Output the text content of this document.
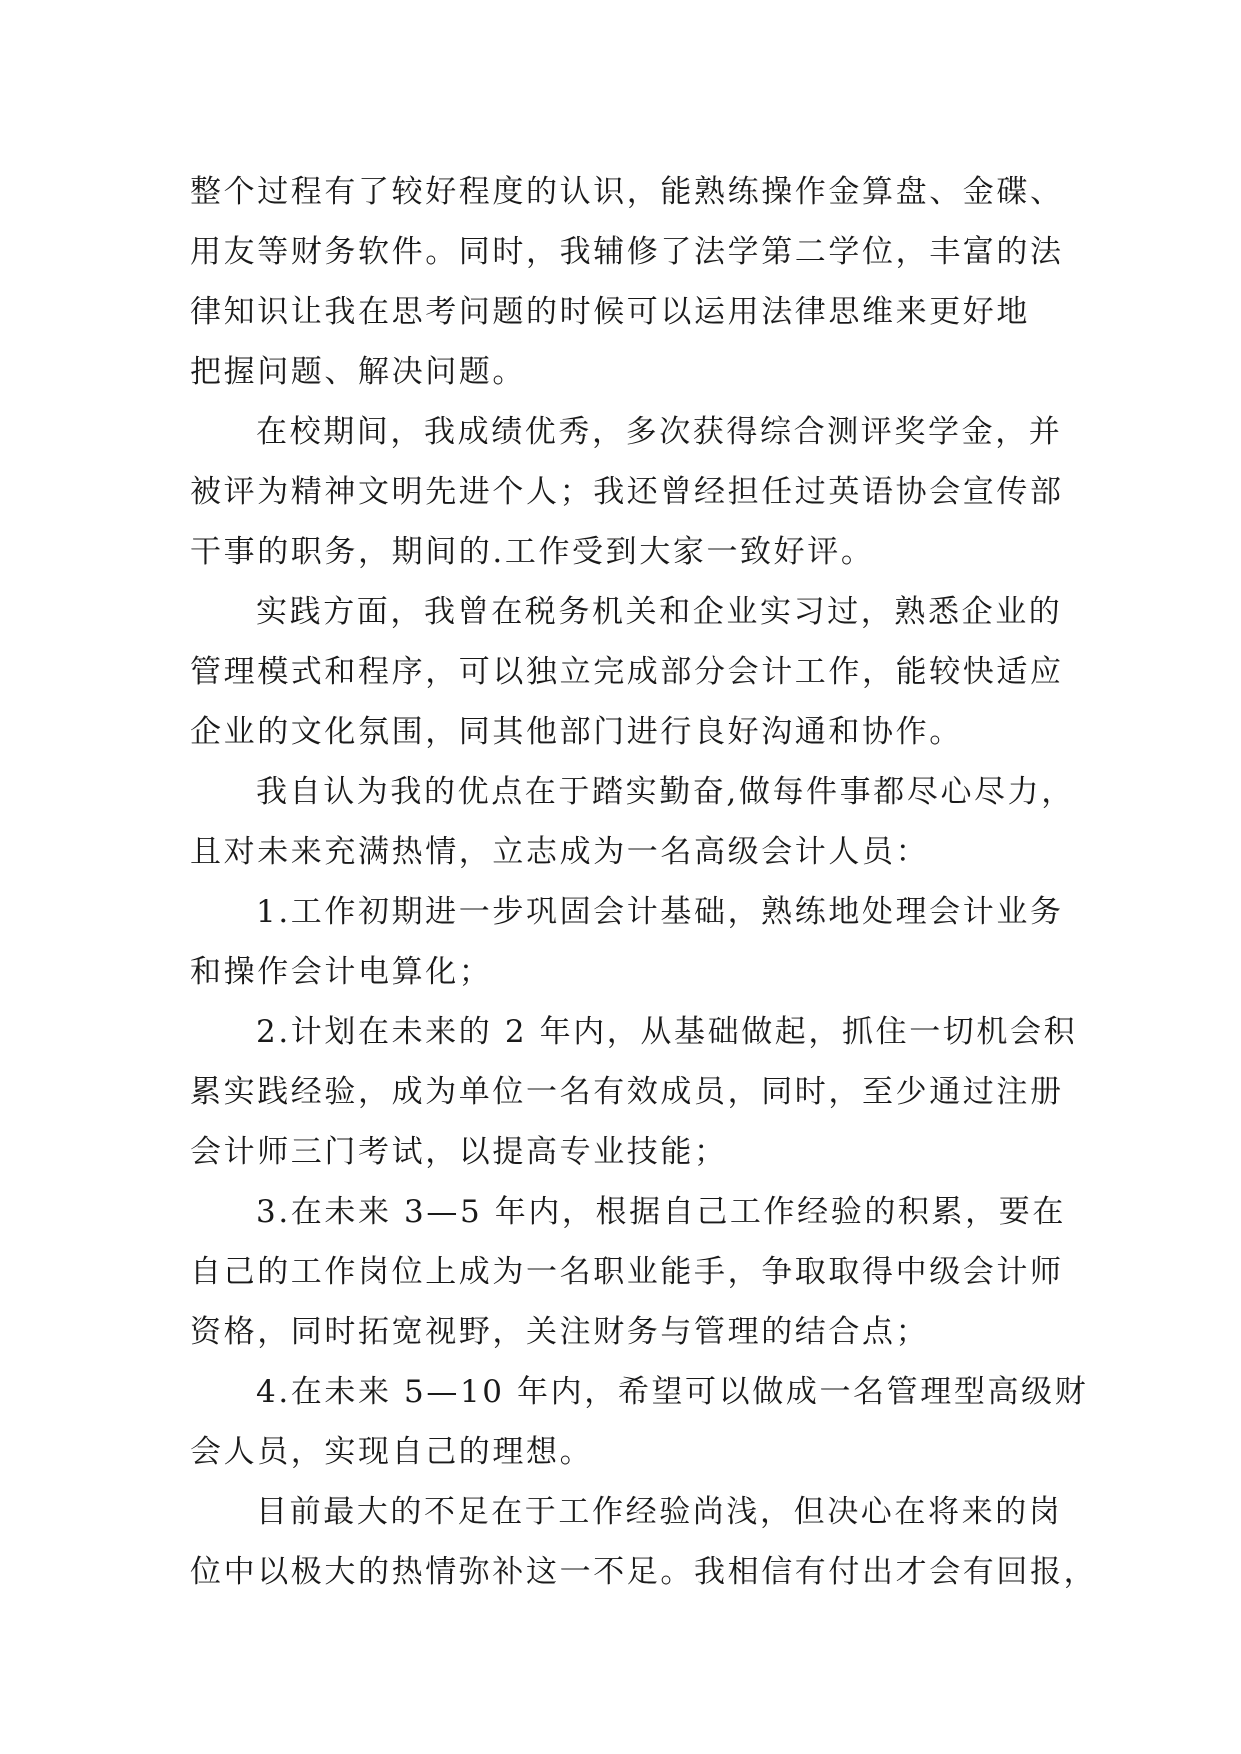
整个过程有了较好程度的认识，能熟练操作金算盘、金碟、
用友等财务软件。同时，我辅修了法学第二学位，丰富的法
律知识让我在思考问题的时候可以运用法律思维来更好地
把握问题、解决问题。
在校期间，我成绩优秀，多次获得综合测评奖学金，并
被评为精神文明先进个人；我还曾经担任过英语协会宣传部
干事的职务，期间的.工作受到大家一致好评。
实践方面，我曾在税务机关和企业实习过，熟悉企业的
管理模式和程序，可以独立完成部分会计工作，能较快适应
企业的文化氛围，同其他部门进行良好沟通和协作。
我自认为我的优点在于踏实勤奋,做每件事都尽心尽力，
且对未来充满热情，立志成为一名高级会计人员：
1.工作初期进一步巩固会计基础，熟练地处理会计业务
和操作会计电算化；
2.计划在未来的 2 年内，从基础做起，抓住一切机会积
累实践经验，成为单位一名有效成员，同时，至少通过注册
会计师三门考试，以提高专业技能；
3.在未来 3—5 年内，根据自己工作经验的积累，要在
自己的工作岗位上成为一名职业能手，争取取得中级会计师
资格，同时拓宽视野，关注财务与管理的结合点；
4.在未来 5—10 年内，希望可以做成一名管理型高级财
会人员，实现自己的理想。
目前最大的不足在于工作经验尚浅，但决心在将来的岗
位中以极大的热情弥补这一不足。我相信有付出才会有回报，
